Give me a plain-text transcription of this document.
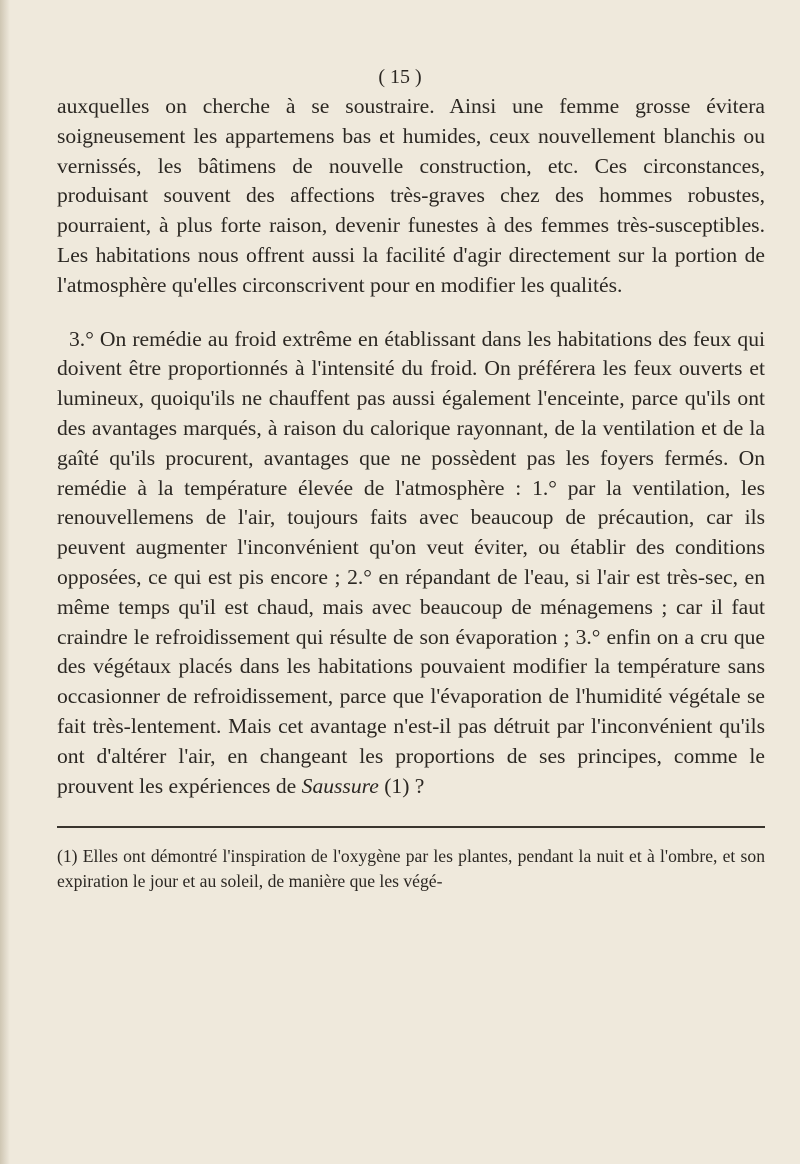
( 15 )

auxquelles on cherche à se soustraire. Ainsi une femme grosse évitera soigneusement les appartemens bas et humides, ceux nouvellement blanchis ou vernissés, les bâtimens de nouvelle construction, etc. Ces circonstances, produisant souvent des affections très-graves chez des hommes robustes, pourraient, à plus forte raison, devenir funestes à des femmes très-susceptibles. Les habitations nous offrent aussi la facilité d'agir directement sur la portion de l'atmosphère qu'elles circonscrivent pour en modifier les qualités.

3.° On remédie au froid extrême en établissant dans les habitations des feux qui doivent être proportionnés à l'intensité du froid. On préférera les feux ouverts et lumineux, quoiqu'ils ne chauffent pas aussi également l'enceinte, parce qu'ils ont des avantages marqués, à raison du calorique rayonnant, de la ventilation et de la gaîté qu'ils procurent, avantages que ne possèdent pas les foyers fermés. On remédie à la température élevée de l'atmosphère : 1.° par la ventilation, les renouvellemens de l'air, toujours faits avec beaucoup de précaution, car ils peuvent augmenter l'inconvénient qu'on veut éviter, ou établir des conditions opposées, ce qui est pis encore ; 2.° en répandant de l'eau, si l'air est très-sec, en même temps qu'il est chaud, mais avec beaucoup de ménagemens ; car il faut craindre le refroidissement qui résulte de son évaporation ; 3.° enfin on a cru que des végétaux placés dans les habitations pouvaient modifier la température sans occasionner de refroidissement, parce que l'évaporation de l'humidité végétale se fait très-lentement. Mais cet avantage n'est-il pas détruit par l'inconvénient qu'ils ont d'altérer l'air, en changeant les proportions de ses principes, comme le prouvent les expériences de Saussure (1) ?

(1) Elles ont démontré l'inspiration de l'oxygène par les plantes, pendant la nuit et à l'ombre, et son expiration le jour et au soleil, de manière que les végé-
